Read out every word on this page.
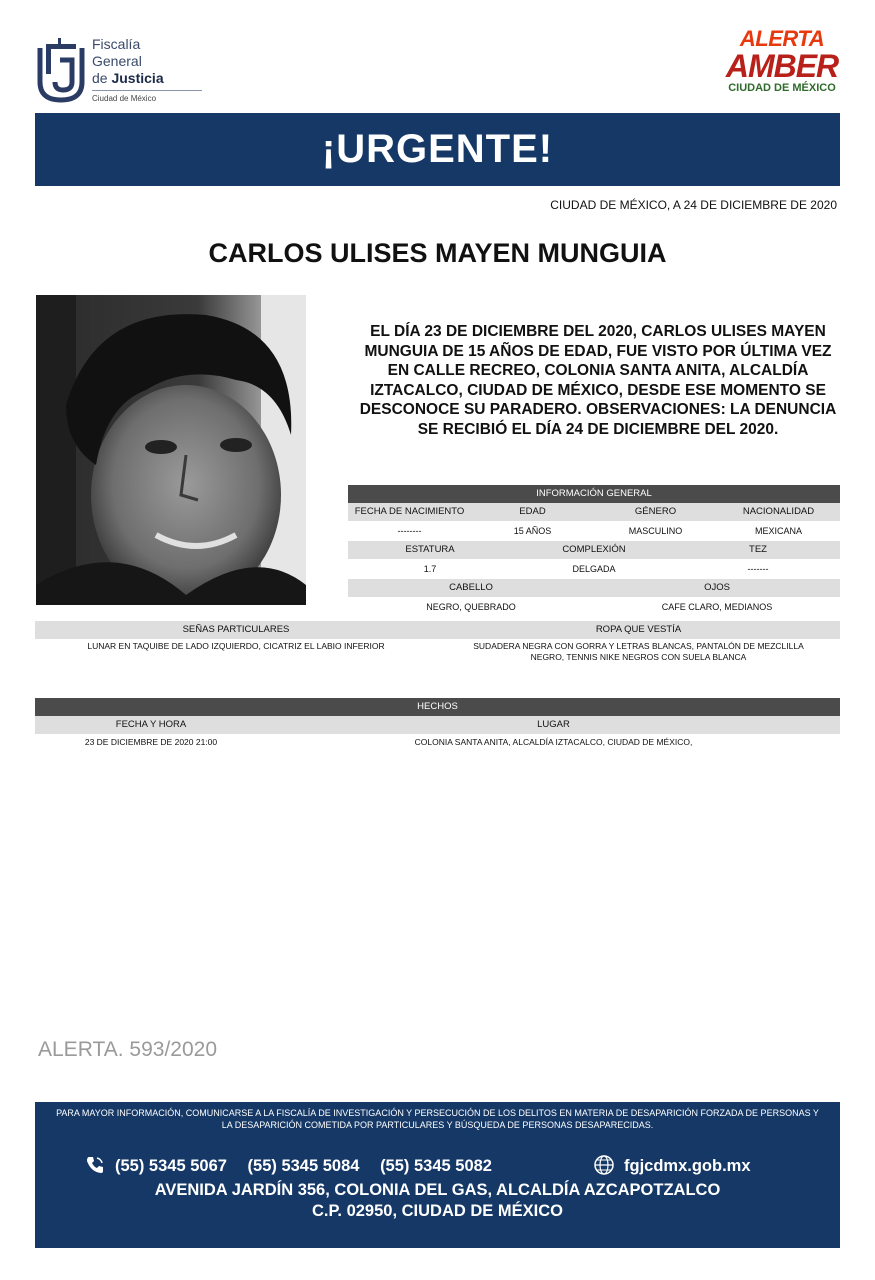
Fiscalía
General
de Justicia
Ciudad de México
ALERTA
AMBER
CIUDAD DE MÉXICO
¡URGENTE!
CIUDAD DE MÉXICO, A 24 DE DICIEMBRE DE 2020
CARLOS ULISES MAYEN MUNGUIA
EL DÍA 23 DE DICIEMBRE DEL 2020, CARLOS ULISES MAYEN MUNGUIA DE 15 AÑOS DE EDAD, FUE VISTO POR ÚLTIMA VEZ EN CALLE RECREO, COLONIA SANTA ANITA, ALCALDÍA IZTACALCO, CIUDAD DE MÉXICO, DESDE ESE MOMENTO SE DESCONOCE SU PARADERO. OBSERVACIONES: LA DENUNCIA SE RECIBIÓ EL DÍA 24 DE DICIEMBRE DEL 2020.
INFORMACIÓN GENERAL
FECHA DE NACIMIENTO	EDAD	GÉNERO	NACIONALIDAD
--------	15 AÑOS	MASCULINO	MEXICANA
ESTATURA	COMPLEXIÓN	TEZ
1.7	DELGADA	-------
CABELLO	OJOS
NEGRO, QUEBRADO	CAFE CLARO, MEDIANOS
SEÑAS PARTICULARES	ROPA QUE VESTÍA
LUNAR EN TAQUIBE DE LADO IZQUIERDO, CICATRIZ EL LABIO INFERIOR	SUDADERA NEGRA CON GORRA Y LETRAS BLANCAS, PANTALÓN DE MEZCLILLA
NEGRO, TENNIS NIKE NEGROS CON SUELA BLANCA
HECHOS
FECHA Y HORA	LUGAR
23 DE DICIEMBRE DE 2020 21:00	COLONIA SANTA ANITA, ALCALDÍA IZTACALCO, CIUDAD DE MÉXICO,
ALERTA. 593/2020
PARA MAYOR INFORMACIÓN, COMUNICARSE A LA FISCALÍA DE INVESTIGACIÓN Y PERSECUCIÓN DE LOS DELITOS EN MATERIA DE DESAPARICIÓN FORZADA DE PERSONAS Y LA DESAPARICIÓN COMETIDA POR PARTICULARES Y BÚSQUEDA DE PERSONAS DESAPARECIDAS.
(55) 5345 5067 (55) 5345 5084 (55) 5345 5082	fgjcdmx.gob.mx
AVENIDA JARDÍN 356, COLONIA DEL GAS, ALCALDÍA AZCAPOTZALCO
C.P. 02950, CIUDAD DE MÉXICO
